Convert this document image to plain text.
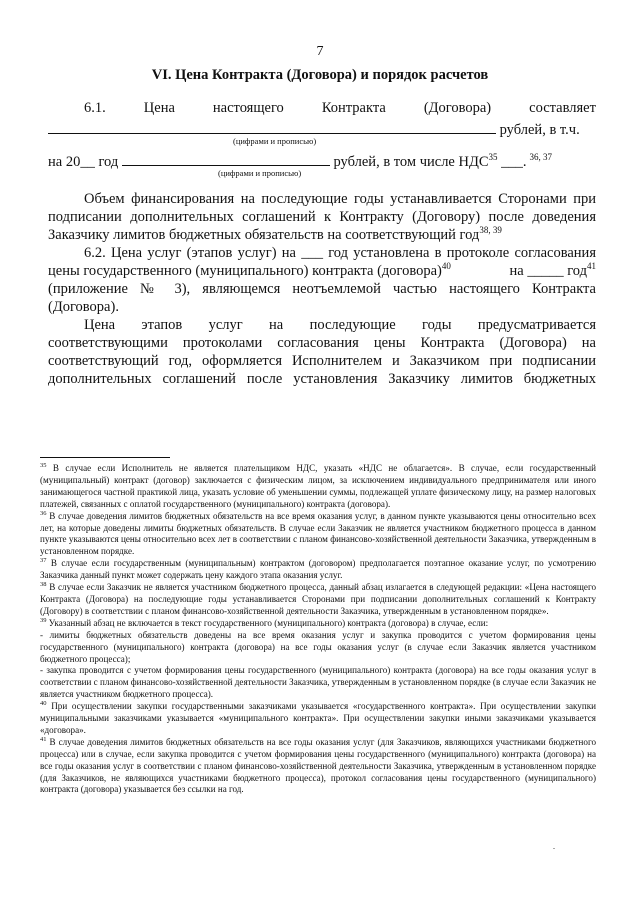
7
VI. Цена Контракта (Договора) и порядок расчетов
6.1.	Цена	настоящего	Контракта	(Договора)	составляет
рублей, в т.ч.
(цифрами и прописью)
на 20__ год	рублей, в том числе НДС$^{35}$ ___. $^{36, 37}$
(цифрами и прописью)
Объем финансирования на последующие годы устанавливается Сторонами при
подписании дополнительных соглашений к Контракту (Договору) после доведения
Заказчику лимитов бюджетных обязательств на соответствующий год$^{38, 39}$
6.2. Цена услуг (этапов услуг) на ___ год установлена в протоколе согласования
цены государственного (муниципального) контракта (договора)$^{40}$	на _____ год$^{41}$
(приложение № 3), являющемся неотъемлемой частью настоящего Контракта
(Договора).
Цена этапов услуг на последующие годы предусматривается
соответствующими протоколами согласования цены Контракта (Договора) на
соответствующий год, оформляется Исполнителем и Заказчиком при подписании
дополнительных соглашений после установления Заказчику лимитов бюджетных

$^{35}$ В случае если Исполнитель не является плательщиком НДС, указать «НДС не облагается». В случае, если государственный (муниципальный) контракт (договор) заключается с физическим лицом, за исключением индивидуального предпринимателя или иного занимающегося частной практикой лица, указать условие об уменьшении суммы, подлежащей уплате физическому лицу, на размер налоговых платежей, связанных с оплатой государственного (муниципального) контракта (договора).

$^{36}$ В случае доведения лимитов бюджетных обязательств на все время оказания услуг, в данном пункте указываются цены относительно всех лет, на которые доведены лимиты бюджетных обязательств. В случае если Заказчик не является участником бюджетного процесса в данном пункте указываются цены относительно всех лет в соответствии с планом финансово-хозяйственной деятельности Заказчика, утвержденным в установленном порядке.

$^{37}$ В случае если государственным (муниципальным) контрактом (договором) предполагается поэтапное оказание услуг, по усмотрению Заказчика данный пункт может содержать цену каждого этапа оказания услуг.

$^{38}$ В случае если Заказчик не является участником бюджетного процесса, данный абзац излагается в следующей редакции: «Цена настоящего Контракта (Договора) на последующие годы устанавливается Сторонами при подписании дополнительных соглашений к Контракту (Договору) в соответствии с планом финансово-хозяйственной деятельности Заказчика, утвержденным в установленном порядке».

$^{39}$ Указанный абзац не включается в текст государственного (муниципального) контракта (договора) в случае, если:

- лимиты бюджетных обязательств доведены на все время оказания услуг и закупка проводится с учетом формирования цены государственного (муниципального) контракта (договора) на все годы оказания услуг (в случае если Заказчик является участником бюджетного процесса);

- закупка проводится с учетом формирования цены государственного (муниципального) контракта (договора) на все годы оказания услуг в соответствии с планом финансово-хозяйственной деятельности Заказчика, утвержденным в установленном порядке (в случае если Заказчик не является участником бюджетного процесса).

$^{40}$ При осуществлении закупки государственными заказчиками указывается «государственного контракта». При осуществлении закупки муниципальными заказчиками указывается «муниципального контракта». При осуществлении закупки иными заказчиками указывается «договора».

$^{41}$ В случае доведения лимитов бюджетных обязательств на все годы оказания услуг (для Заказчиков, являющихся участниками бюджетного процесса) или в случае, если закупка проводится с учетом формирования цены государственного (муниципального) контракта (договора) на все годы оказания услуг в соответствии с планом финансово-хозяйственной деятельности Заказчика, утвержденным в установленном порядке (для Заказчиков, не являющихся участниками бюджетного процесса), протокол согласования цены государственного (муниципального) контракта (договора) указывается без ссылки на год.

.
